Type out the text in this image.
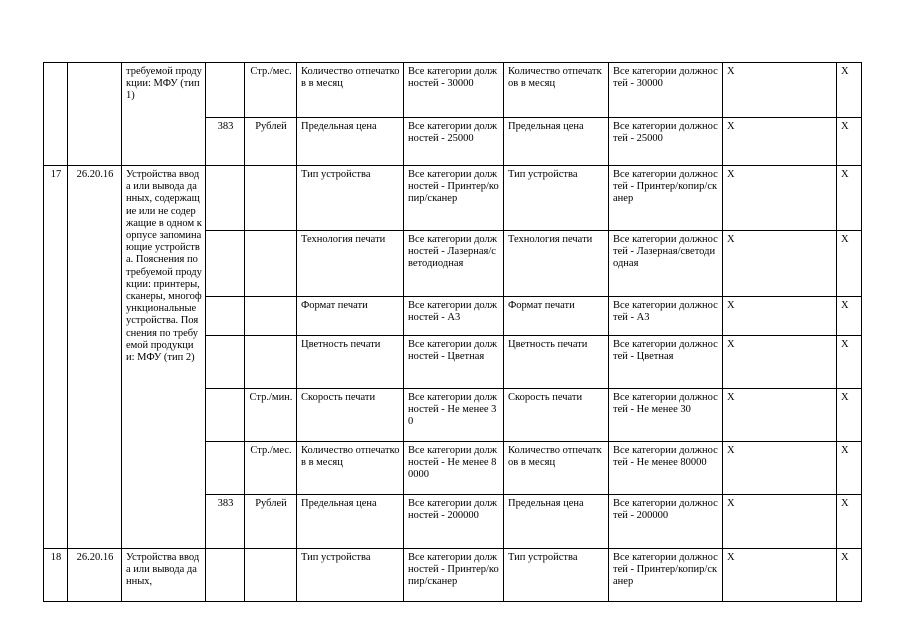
		требуемой продукции: МФУ (тип 1)		Стр./мес.	Количество отпечатков в месяц	Все категории должностей - 30000	Количество отпечатков в месяц	Все категории должностей - 30000	Х	Х
			383	Рублей	Предельная цена	Все категории должностей - 25000	Предельная цена	Все категории должностей - 25000	Х	Х
17	26.20.16	Устройства ввода или вывода данных, содержащие или не содержащие в одном корпусе запоминающие устройства. Пояснения по требуемой продукции: принтеры, сканеры, многофункциональные устройства. Пояснения по требуемой продукции: МФУ (тип 2)			Тип устройства	Все категории должностей - Принтер/копир/сканер	Тип устройства	Все категории должностей - Принтер/копир/сканер	Х	Х
					Технология печати	Все категории должностей - Лазерная/светодиодная	Технология печати	Все категории должностей - Лазерная/светодиодная	Х	Х
					Формат печати	Все категории должностей - А3	Формат печати	Все категории должностей - А3	Х	Х
					Цветность печати	Все категории должностей - Цветная	Цветность печати	Все категории должностей - Цветная	Х	Х
				Стр./мин.	Скорость печати	Все категории должностей - Не менее 30	Скорость печати	Все категории должностей - Не менее 30	Х	Х
				Стр./мес.	Количество отпечатков в месяц	Все категории должностей - Не менее 80000	Количество отпечатков в месяц	Все категории должностей - Не менее 80000	Х	Х
			383	Рублей	Предельная цена	Все категории должностей - 200000	Предельная цена	Все категории должностей - 200000	Х	Х
18	26.20.16	Устройства ввода или вывода данных,			Тип устройства	Все категории должностей - Принтер/копир/сканер	Тип устройства	Все категории должностей - Принтер/копир/сканер	Х	Х
